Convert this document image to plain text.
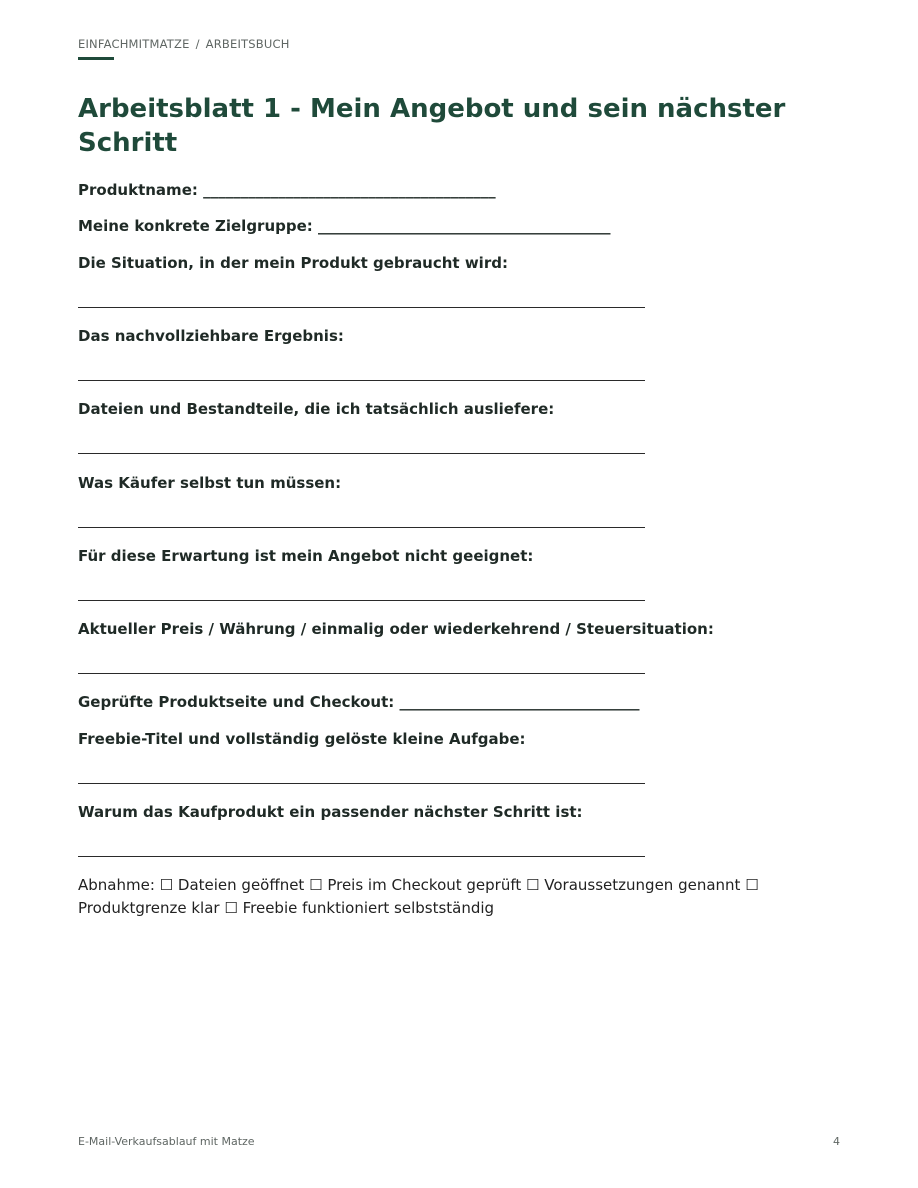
EINFACHMITMATZE / ARBEITSBUCH
Arbeitsblatt 1 - Mein Angebot und sein nächster Schritt
Produktname: _______________________________________
Meine konkrete Zielgruppe: _______________________________________
Die Situation, in der mein Produkt gebraucht wird:
Das nachvollziehbare Ergebnis:
Dateien und Bestandteile, die ich tatsächlich ausliefere:
Was Käufer selbst tun müssen:
Für diese Erwartung ist mein Angebot nicht geeignet:
Aktueller Preis / Währung / einmalig oder wiederkehrend / Steuersituation:
Geprüfte Produktseite und Checkout: ________________________________
Freebie-Titel und vollständig gelöste kleine Aufgabe:
Warum das Kaufprodukt ein passender nächster Schritt ist:
Abnahme: ☐ Dateien geöffnet ☐ Preis im Checkout geprüft ☐ Voraussetzungen genannt ☐ Produktgrenze klar ☐ Freebie funktioniert selbstständig
E-Mail-Verkaufsablauf mit Matze	4
